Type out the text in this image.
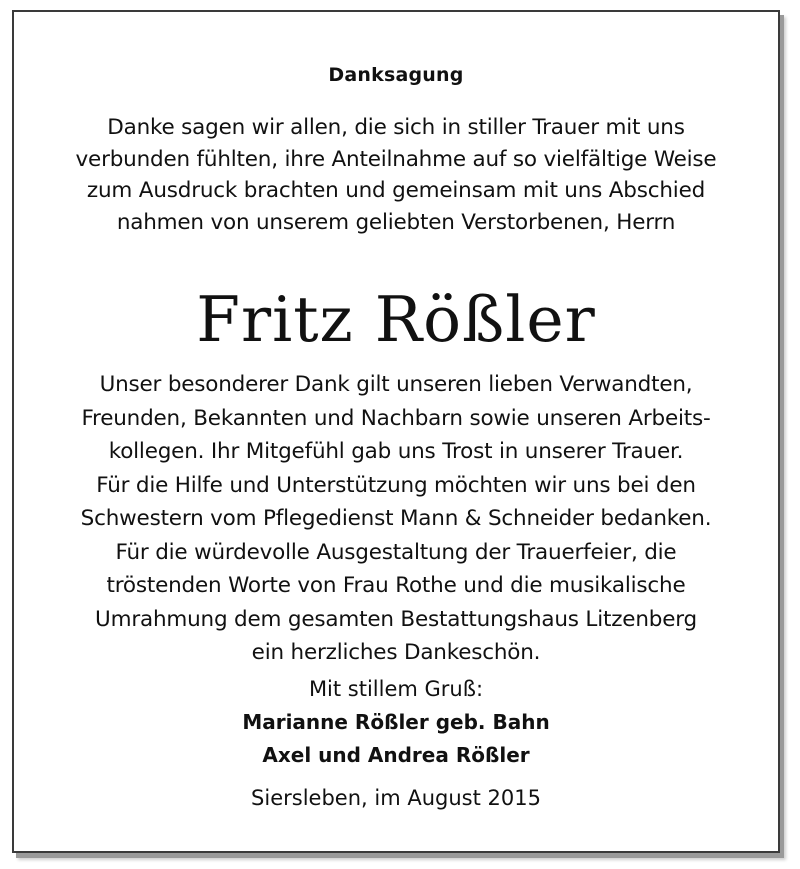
Danksagung
Danke sagen wir allen, die sich in stiller Trauer mit uns
verbunden fühlten, ihre Anteilnahme auf so vielfältige Weise
zum Ausdruck brachten und gemeinsam mit uns Abschied
nahmen von unserem geliebten Verstorbenen, Herrn
Fritz Rößler
Unser besonderer Dank gilt unseren lieben Verwandten,
Freunden, Bekannten und Nachbarn sowie unseren Arbeits-
kollegen. Ihr Mitgefühl gab uns Trost in unserer Trauer.
Für die Hilfe und Unterstützung möchten wir uns bei den
Schwestern vom Pflegedienst Mann & Schneider bedanken.
Für die würdevolle Ausgestaltung der Trauerfeier, die
tröstenden Worte von Frau Rothe und die musikalische
Umrahmung dem gesamten Bestattungshaus Litzenberg
ein herzliches Dankeschön.
Mit stillem Gruß:
Marianne Rößler geb. Bahn
Axel und Andrea Rößler
Siersleben, im August 2015
